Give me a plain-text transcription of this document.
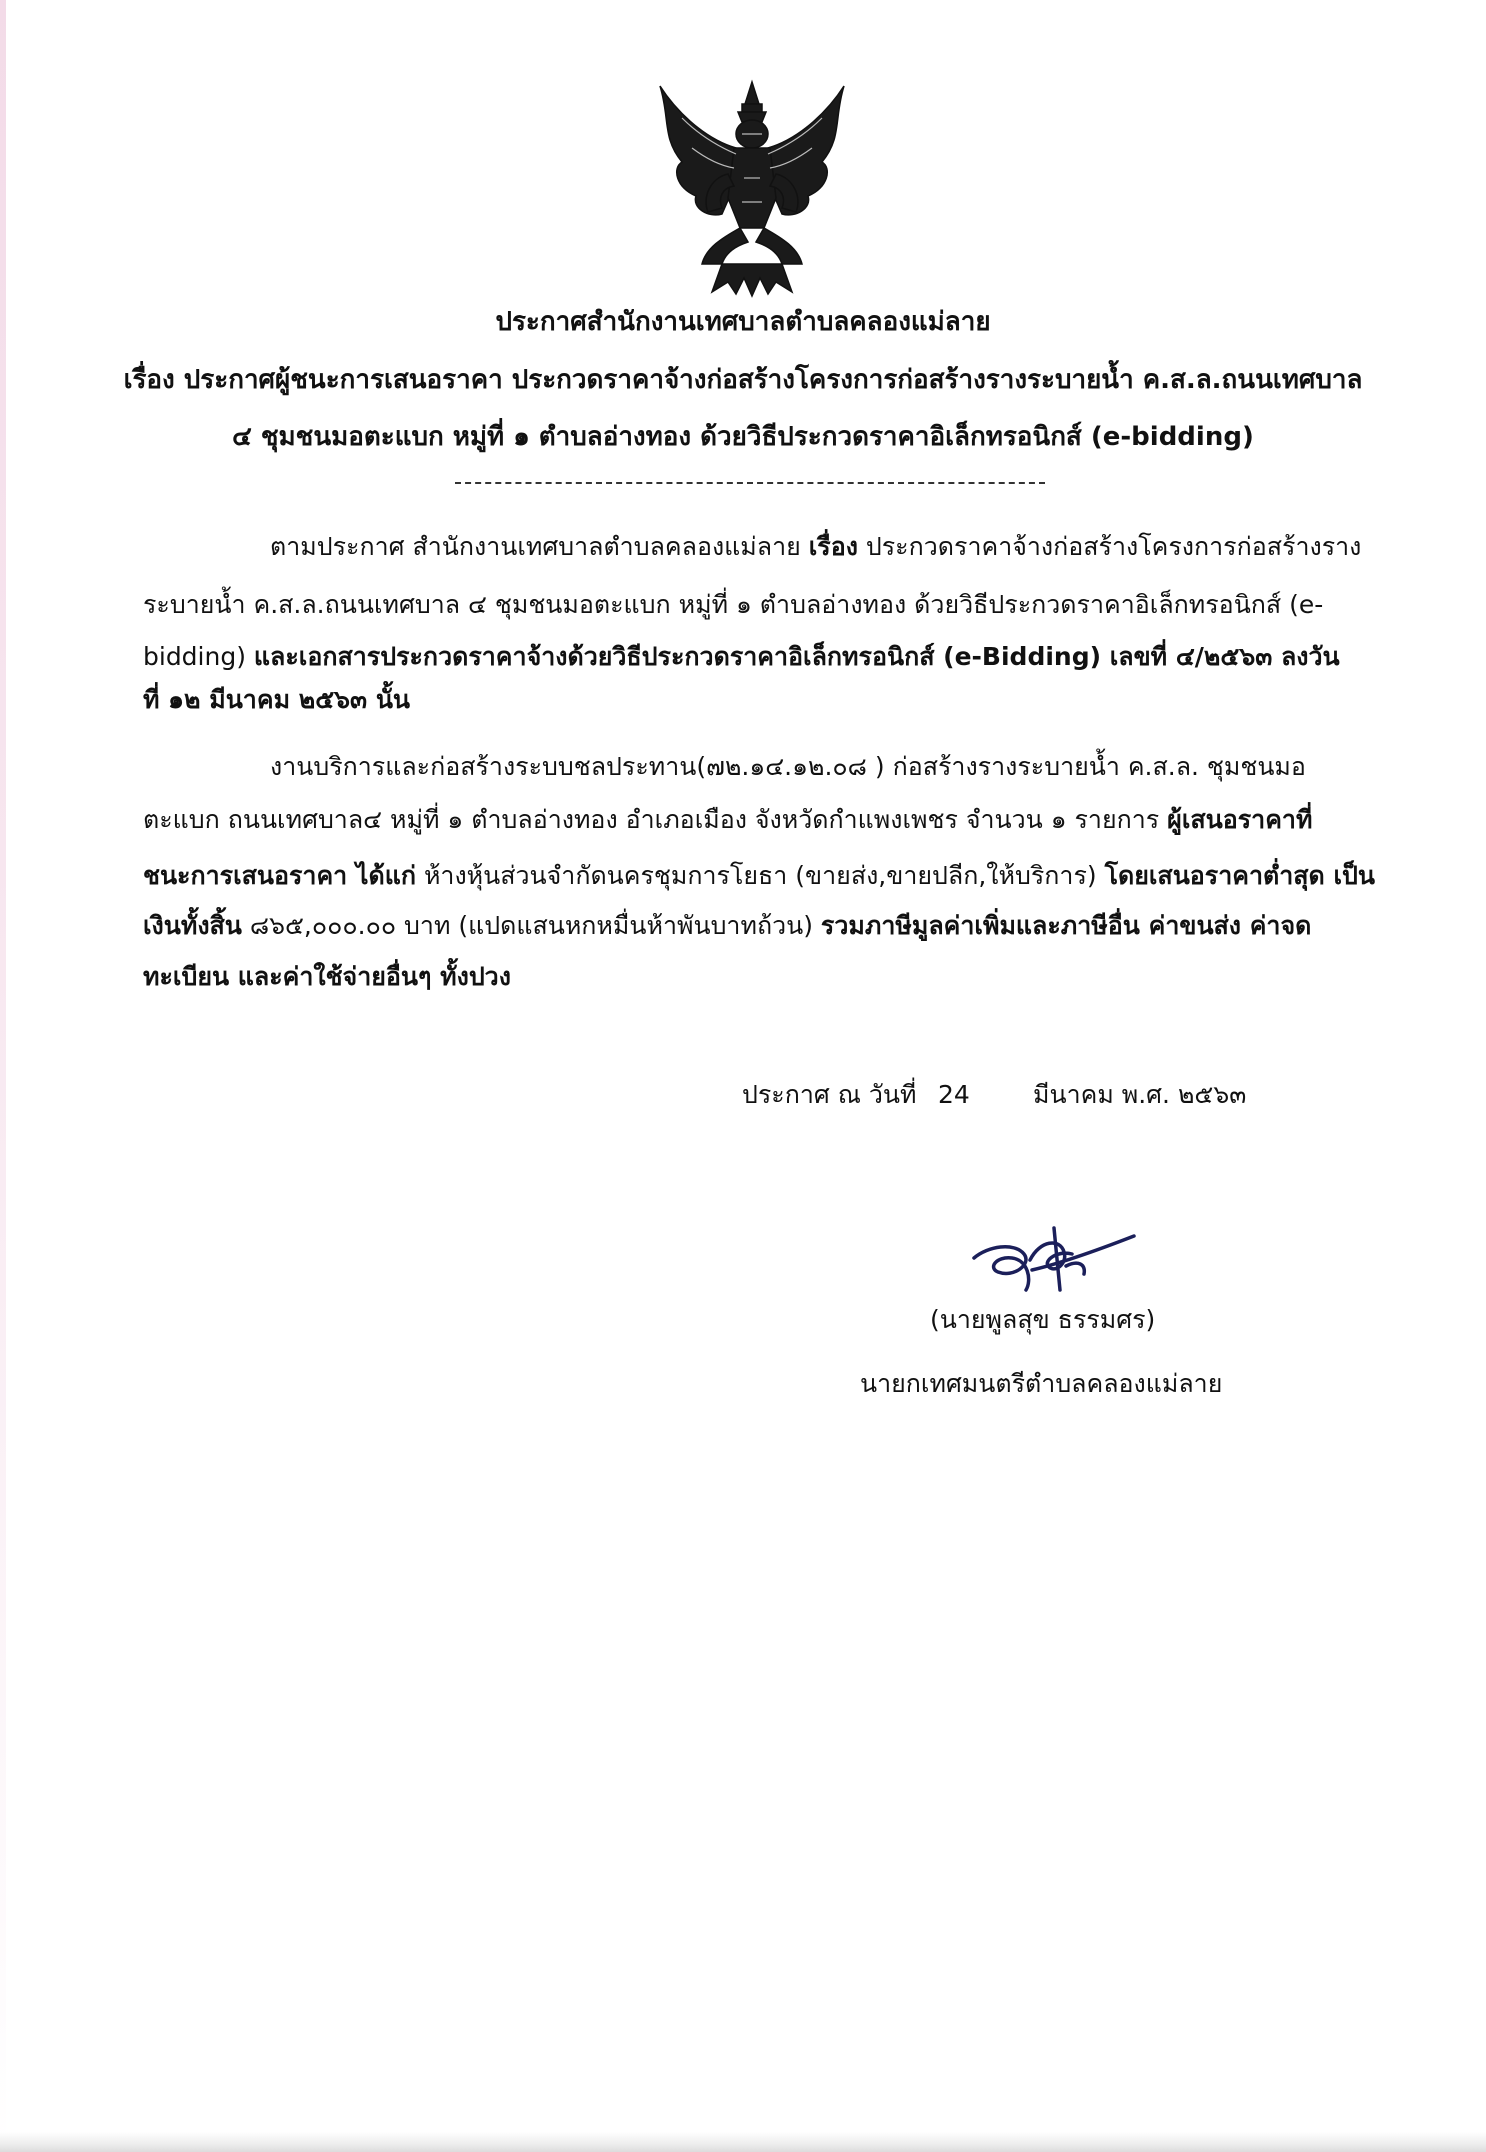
ประกาศสำนักงานเทศบาลตำบลคลองแม่ลาย
เรื่อง ประกาศผู้ชนะการเสนอราคา ประกวดราคาจ้างก่อสร้างโครงการก่อสร้างรางระบายน้ำ ค.ส.ล.ถนนเทศบาล
๔ ชุมชนมอตะแบก หมู่ที่ ๑ ตำบลอ่างทอง ด้วยวิธีประกวดราคาอิเล็กทรอนิกส์ (e-bidding)
ตามประกาศ สำนักงานเทศบาลตำบลคลองแม่ลาย เรื่อง ประกวดราคาจ้างก่อสร้างโครงการก่อสร้างราง
ระบายน้ำ ค.ส.ล.ถนนเทศบาล ๔ ชุมชนมอตะแบก หมู่ที่ ๑ ตำบลอ่างทอง ด้วยวิธีประกวดราคาอิเล็กทรอนิกส์ (e-
bidding) และเอกสารประกวดราคาจ้างด้วยวิธีประกวดราคาอิเล็กทรอนิกส์ (e-Bidding) เลขที่ ๔/๒๕๖๓ ลงวัน
ที่ ๑๒ มีนาคม ๒๕๖๓ นั้น
งานบริการและก่อสร้างระบบชลประทาน(๗๒.๑๔.๑๒.๐๘ ) ก่อสร้างรางระบายน้ำ ค.ส.ล. ชุมชนมอ
ตะแบก ถนนเทศบาล๔ หมู่ที่ ๑ ตำบลอ่างทอง อำเภอเมือง จังหวัดกำแพงเพชร จำนวน ๑ รายการ ผู้เสนอราคาที่
ชนะการเสนอราคา ได้แก่ ห้างหุ้นส่วนจำกัดนครชุมการโยธา (ขายส่ง,ขายปลีก,ให้บริการ) โดยเสนอราคาต่ำสุด เป็น
เงินทั้งสิ้น ๘๖๕,๐๐๐.๐๐ บาท (แปดแสนหกหมื่นห้าพันบาทถ้วน) รวมภาษีมูลค่าเพิ่มและภาษีอื่น ค่าขนส่ง ค่าจด
ทะเบียน และค่าใช้จ่ายอื่นๆ ทั้งปวง
ประกาศ ณ วันที่ 24	มีนาคม พ.ศ. ๒๕๖๓
(นายพูลสุข ธรรมศร)
นายกเทศมนตรีตำบลคลองแม่ลาย
